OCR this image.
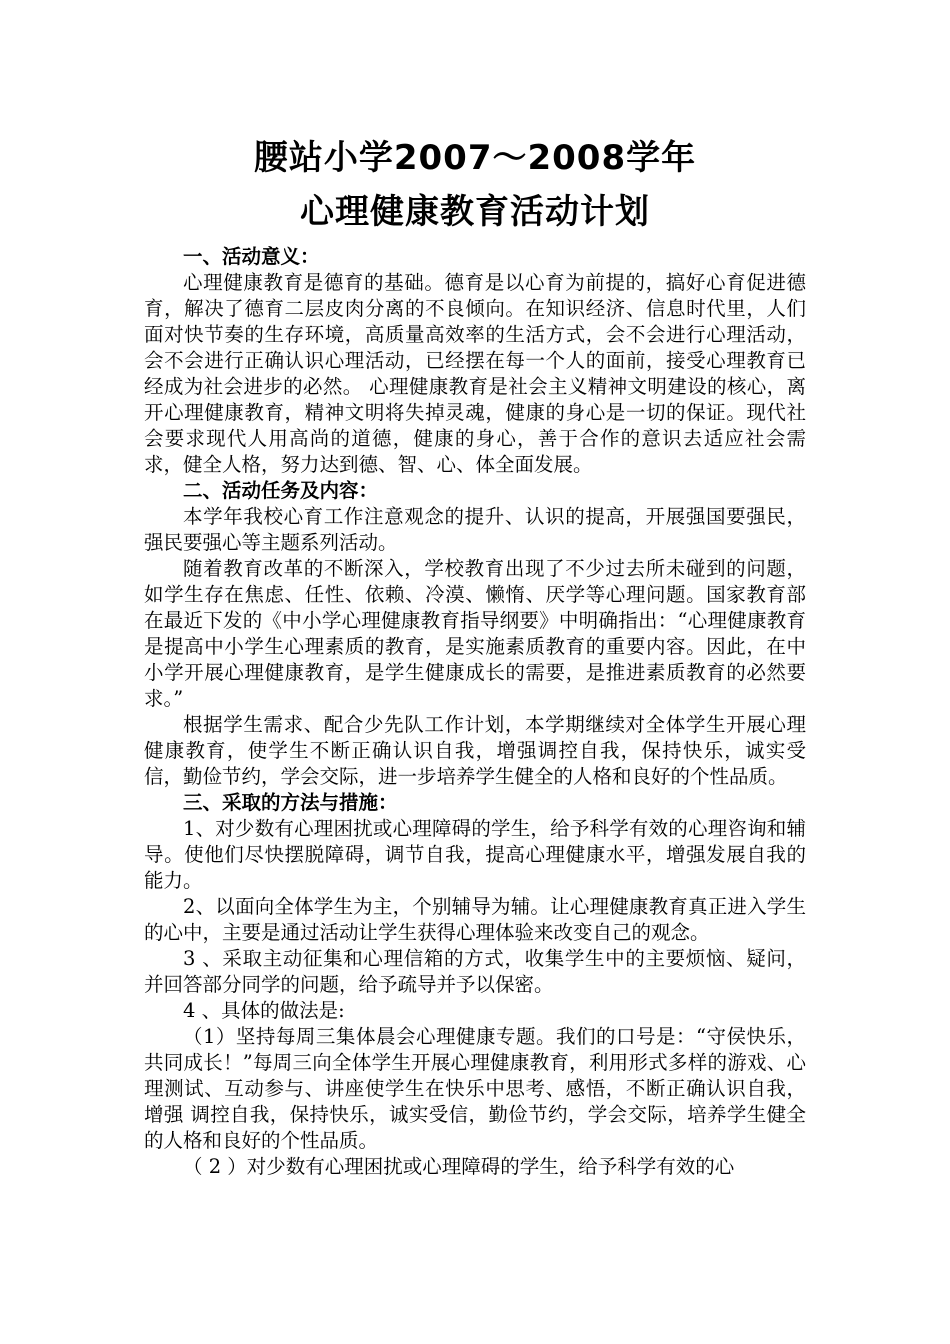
腰站小学2007～2008学年
心理健康教育活动计划
一、活动意义：

心理健康教育是德育的基础。德育是以心育为前提的，搞好心育促进德育，解决了德育二层皮肉分离的不良倾向。在知识经济、信息时代里，人们面对快节奏的生存环境，高质量高效率的生活方式，会不会进行心理活动，会不会进行正确认识心理活动，已经摆在每一个人的面前，接受心理教育已经成为社会进步的必然。 心理健康教育是社会主义精神文明建设的核心，离开心理健康教育，精神文明将失掉灵魂，健康的身心是一切的保证。现代社会要求现代人用高尚的道德，健康的身心，善于合作的意识去适应社会需求，健全人格，努力达到德、智、心、体全面发展。

二、活动任务及内容：

本学年我校心育工作注意观念的提升、认识的提高，开展强国要强民，强民要强心等主题系列活动。

随着教育改革的不断深入，学校教育出现了不少过去所未碰到的问题，如学生存在焦虑、任性、依赖、冷漠、懒惰、厌学等心理问题。国家教育部在最近下发的《中小学心理健康教育指导纲要》中明确指出：“心理健康教育是提高中小学生心理素质的教育，是实施素质教育的重要内容。因此，在中小学开展心理健康教育，是学生健康成长的需要，是推进素质教育的必然要求。”

根据学生需求、配合少先队工作计划，本学期继续对全体学生开展心理健康教育，使学生不断正确认识自我，增强调控自我，保持快乐，诚实受信，勤俭节约，学会交际，进一步培养学生健全的人格和良好的个性品质。

三、采取的方法与措施：

1、对少数有心理困扰或心理障碍的学生，给予科学有效的心理咨询和辅导。使他们尽快摆脱障碍，调节自我，提高心理健康水平，增强发展自我的能力。

2、以面向全体学生为主，个别辅导为辅。让心理健康教育真正进入学生的心中，主要是通过活动让学生获得心理体验来改变自己的观念。

3 、采取主动征集和心理信箱的方式，收集学生中的主要烦恼、疑问，并回答部分同学的问题，给予疏导并予以保密。

4 、具体的做法是:

（1）坚持每周三集体晨会心理健康专题。我们的口号是：“守侯快乐，共同成长！”每周三向全体学生开展心理健康教育，利用形式多样的游戏、心理测试、互动参与、讲座使学生在快乐中思考、感悟，不断正确认识自我，增强 调控自我，保持快乐，诚实受信，勤俭节约，学会交际，培养学生健全的人格和良好的个性品质。

（ 2 ）对少数有心理困扰或心理障碍的学生，给予科学有效的心
